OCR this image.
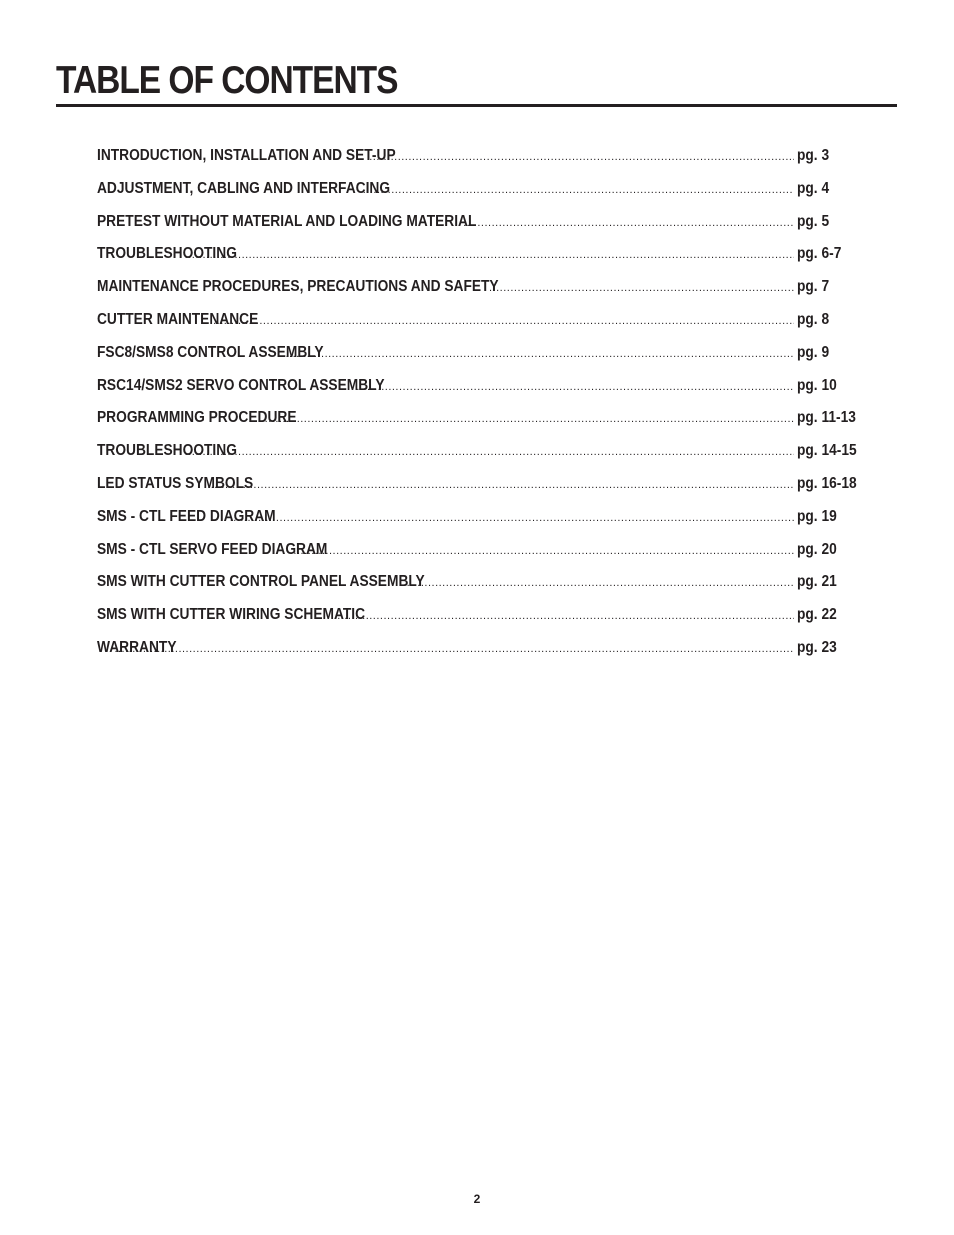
TABLE OF CONTENTS
INTRODUCTION, INSTALLATION AND SET-UP .....	pg. 3
ADJUSTMENT, CABLING AND INTERFACING .....	pg. 4
PRETEST WITHOUT MATERIAL AND LOADING MATERIAL .....	pg. 5
TROUBLESHOOTING .....	pg. 6-7
MAINTENANCE PROCEDURES, PRECAUTIONS AND SAFETY .....	pg. 7
CUTTER MAINTENANCE .....	pg. 8
FSC8/SMS8 CONTROL ASSEMBLY .....	pg. 9
RSC14/SMS2 SERVO CONTROL ASSEMBLY .....	pg. 10
PROGRAMMING PROCEDURE .....	pg. 11-13
TROUBLESHOOTING .....	pg. 14-15
LED STATUS SYMBOLS .....	pg. 16-18
SMS - CTL FEED DIAGRAM .....	pg. 19
SMS - CTL SERVO FEED DIAGRAM .....	pg. 20
SMS WITH CUTTER CONTROL PANEL ASSEMBLY .....	pg. 21
SMS WITH CUTTER WIRING SCHEMATIC .....	pg. 22
WARRANTY .....	pg. 23
2
